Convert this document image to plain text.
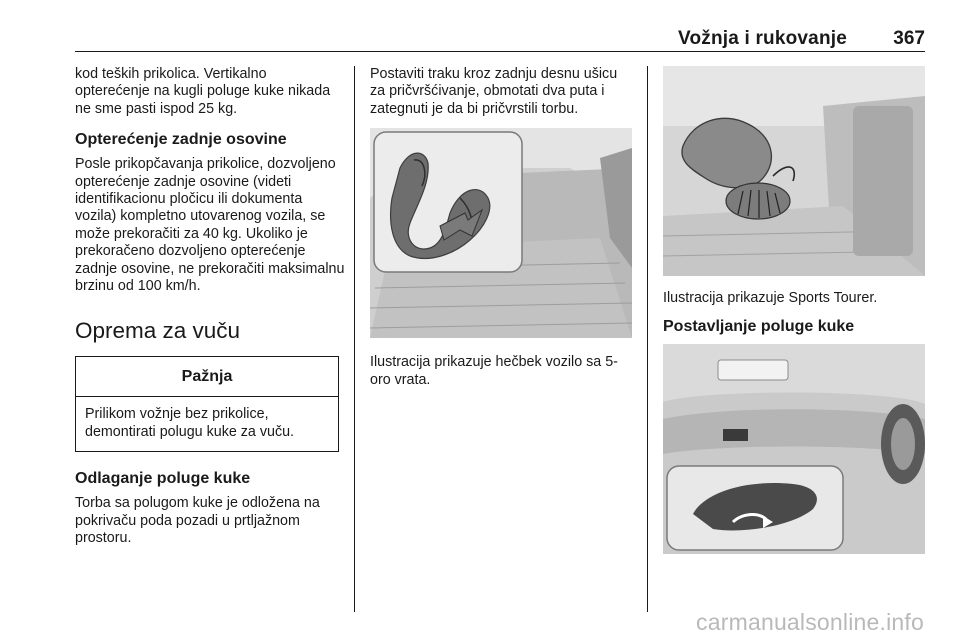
Vožnja i rukovanje 367

kod teških prikolica. Vertikalno opterećenje na kugli poluge kuke nikada ne sme pasti ispod 25 kg.

Opterećenje zadnje osovine

Posle prikopčavanja prikolice, dozvoljeno opterećenje zadnje osovine (videti identifikacionu pločicu ili dokumenta vozila) kompletno utovarenog vozila, se može prekoračiti za 40 kg. Ukoliko je prekoračeno dozvoljeno opterećenje zadnje osovine, ne prekoračiti maksimalnu brzinu od 100 km/h.

Oprema za vuču
Pažnja

Prilikom vožnje bez prikolice, demontirati polugu kuke za vuču.

Odlaganje poluge kuke

Torba sa polugom kuke je odložena na pokrivaču poda pozadi u prtljažnom prostoru.

Postaviti traku kroz zadnju desnu ušicu za pričvršćivanje, obmotati dva puta i zategnuti je da bi pričvrstili torbu.

Ilustracija prikazuje hečbek vozilo sa 5-oro vrata.

Ilustracija prikazuje Sports Tourer.

Postavljanje poluge kuke
carmanualsonline.info
